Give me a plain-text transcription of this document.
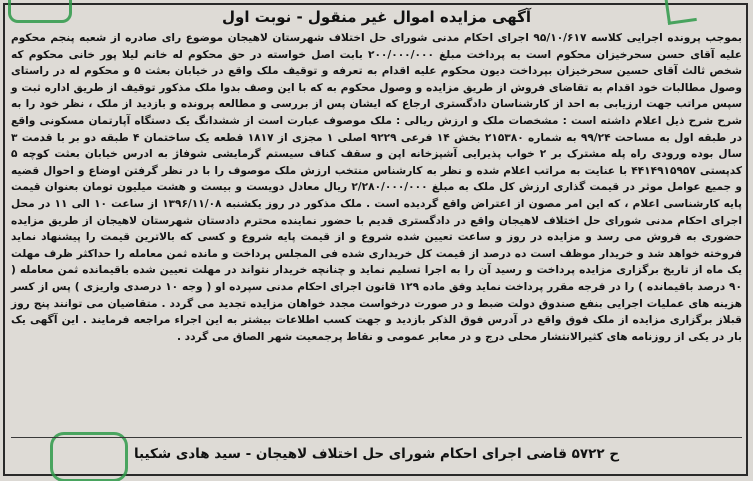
آگهی مزایده اموال غیر منقول - نوبت اول

بموجب پرونده اجرایی کلاسه ۹۵/۱۰/۶۱۷ اجرای احکام مدنی شورای حل اختلاف شهرستان لاهیجان موضوع رای صادره از شعبه پنجم محکوم علیه آقای حسن سحرخیزان محکوم است به پرداخت مبلغ ۲۰۰/۰۰۰/۰۰۰ بابت اصل خواسته در حق محکوم له خانم لیلا پور خانی محکوم که شخص ثالث آقای حسین سحرخیزان بپرداخت دیون محکوم علیه اقدام به تعرفه و توقیف ملک واقع در خیابان بعثت ۵ و محکوم له در راستای وصول مطالبات خود اقدام به تقاضای فروش از طریق مزایده و وصول محکوم به که با این وصف بدوا ملک مذکور توقیف از طریق اداره ثبت و سپس مراتب جهت ارزیابی به احد از کارشناسان دادگستری ارجاع که ایشان پس از بررسی و مطالعه پرونده و بازدید از ملک ، نظر خود را به شرح شرح ذیل اعلام داشته است : مشخصات ملک و ارزش ریالی : ملک موصوف عبارت است از ششدانگ یک دستگاه آپارتمان مسکونی واقع در طبقه اول به مساحت ۹۹/۲۴ به شماره ۲۱۵۳۸۰ بخش ۱۴ فرعی ۹۲۲۹ اصلی ۱ مجزی از ۱۸۱۷ قطعه یک ساختمان ۴ طبقه دو بر با قدمت ۳ سال بوده ورودی راه پله مشترک بر ۲ خواب پذیرایی آشپزخانه اپن و سقف کناف سیستم گرمایشی شوفاژ به ادرس خیابان بعثت کوچه ۵ کدپستی ۴۴۱۴۹۱۵۹۵۷ با عنایت به مراتب اعلام شده و نظر به کارشناس منتخب ارزش ملک موصوف را با در نظر گرفتن اوضاع و احوال قضیه و جمیع عوامل موثر در قیمت گذاری ارزش کل ملک به مبلغ ۲/۲۸۰/۰۰۰/۰۰۰ ریال معادل دویست و بیست و هشت میلیون تومان بعنوان قیمت پایه کارشناسی اعلام ، که این امر مصون از اعتراض واقع گردیده است . ملک مذکور در روز یکشنبه ۱۳۹۶/۱۱/۰۸ از ساعت ۱۰ الی ۱۱ در محل اجرای احکام مدنی شورای حل اختلاف لاهیجان واقع در دادگستری قدیم با حضور نماینده محترم دادستان شهرستان لاهیجان از طریق مزایده حضوری به فروش می رسد و مزایده در روز و ساعت تعیین شده شروع و از قیمت پایه شروع و کسی که بالاترین قیمت را پیشنهاد نماید فروخته خواهد شد و خریدار موظف است ده درصد از قیمت کل خریداری شده فی المجلس پرداخت و مانده ثمن معامله را حداکثر ظرف مهلت یک ماه از تاریخ برگزاری مزایده پرداخت و رسید آن را به اجرا تسلیم نماید و چنانچه خریدار نتواند در مهلت تعیین شده باقیمانده ثمن معامله ( ۹۰ درصد باقیمانده ) را در فرجه مقرر پرداخت نماید وفق ماده ۱۲۹ قانون اجرای احکام مدنی سپرده او ( وجه ۱۰ درصدی واریزی ) پس از کسر هزینه های عملیات اجرایی بنفع صندوق دولت ضبط و در صورت درخواست مجدد خواهان مزایده تجدید می گردد . متقاضیان می توانند پنج روز قبلاز برگزاری مزایده از ملک فوق واقع در آدرس فوق الذکر بازدید و جهت کسب اطلاعات بیشتر به این اجراء مراجعه فرمایند . این آگهی یک بار در یکی از روزنامه های کثیرالانتشار محلی درج و در معابر عمومی و نقاط پرجمعیت شهر الصاق می گردد .

ح ۵۷۲۲ قاضی اجرای احکام شورای حل اختلاف لاهیجان - سید هادی شکیبا
